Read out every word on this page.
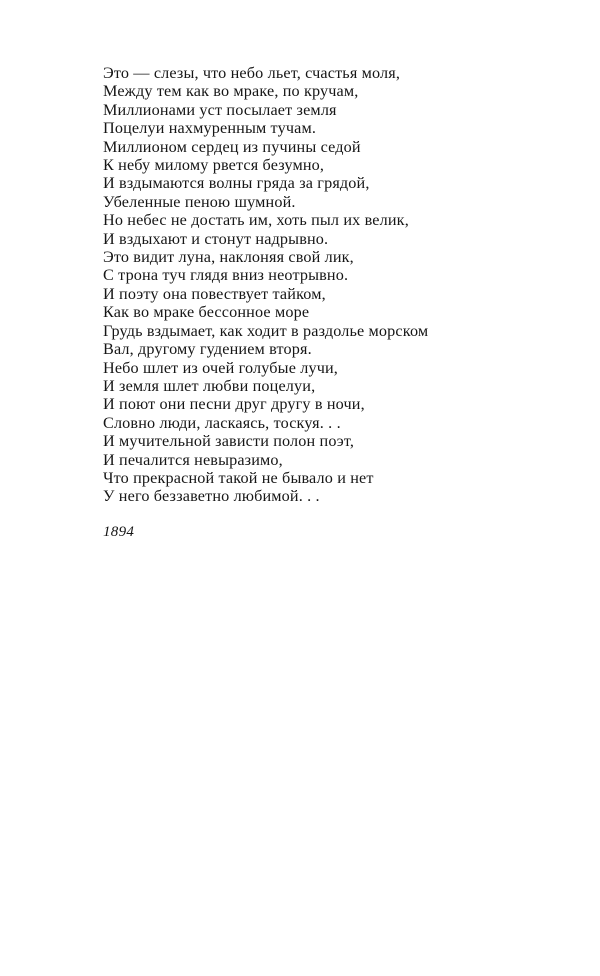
Это — слезы, что небо льет, счастья моля,
Между тем как во мраке, по кручам,
Миллионами уст посылает земля
Поцелуи нахмуренным тучам.
Миллионом сердец из пучины седой
К небу милому рвется безумно,
И вздымаются волны гряда за грядой,
Убеленные пеною шумной.
Но небес не достать им, хоть пыл их велик,
И вздыхают и стонут надрывно.
Это видит луна, наклоняя свой лик,
С трона туч глядя вниз неотрывно.
И поэту она повествует тайком,
Как во мраке бессонное море
Грудь вздымает, как ходит в раздолье морском
Вал, другому гудением вторя.
Небо шлет из очей голубые лучи,
И земля шлет любви поцелуи,
И поют они песни друг другу в ночи,
Словно люди, ласкаясь, тоскуя. . .
И мучительной зависти полон поэт,
И печалится невыразимо,
Что прекрасной такой не бывало и нет
У него беззаветно любимой. . .
1894
